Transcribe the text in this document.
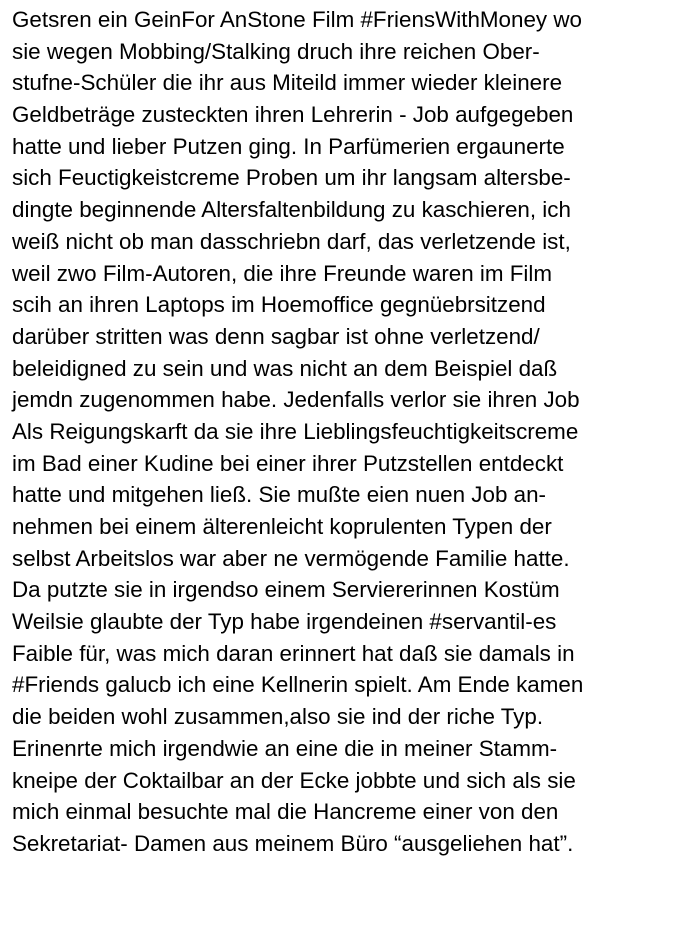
Getsren ein GeinFor AnStone Film #FriensWithMoney wo
sie wegen Mobbing/Stalking druch ihre reichen Ober-
stufne-Schüler die ihr aus Miteild immer wieder kleinere
Geldbeträge zusteckten ihren Lehrerin - Job aufgegeben
hatte und lieber Putzen ging. In Parfümerien ergaunerte
sich Feuctigkeistcreme Proben um ihr langsam altersbe-
dingte beginnende Altersfaltenbildung zu kaschieren, ich
weiß nicht ob man dasschriebn darf, das verletzende ist,
weil zwo Film-Autoren, die ihre Freunde waren im Film
scih an ihren Laptops im Hoemoffice gegnüebrsitzend
darüber stritten was denn sagbar ist ohne verletzend/
beleidigned zu sein und was nicht an dem Beispiel daß
jemdn zugenommen habe. Jedenfalls verlor sie ihren Job
Als Reigungskarft da sie ihre Lieblingsfeuchtigkeitscreme
im Bad einer Kudine bei einer ihrer Putzstellen entdeckt
hatte und mitgehen ließ. Sie mußte eien nuen Job an-
nehmen bei einem älterenleicht koprulenten Typen der
selbst Arbeitslos war aber ne vermögende Familie hatte.
Da putzte sie in irgendso einem Serviererinnen Kostüm
Weilsie glaubte der Typ habe irgendeinen #servantil-es
Faible für, was mich daran erinnert hat daß sie damals in
#Friends galucb ich eine Kellnerin spielt. Am Ende kamen
die beiden wohl zusammen,also sie ind der riche Typ.
Erinenrte mich irgendwie an eine die in meiner Stamm-
kneipe der Coktailbar an der Ecke jobbte und sich als sie
mich einmal besuchte mal die Hancreme einer von den
Sekretariat- Damen aus meinem Büro “ausgeliehen hat”.
